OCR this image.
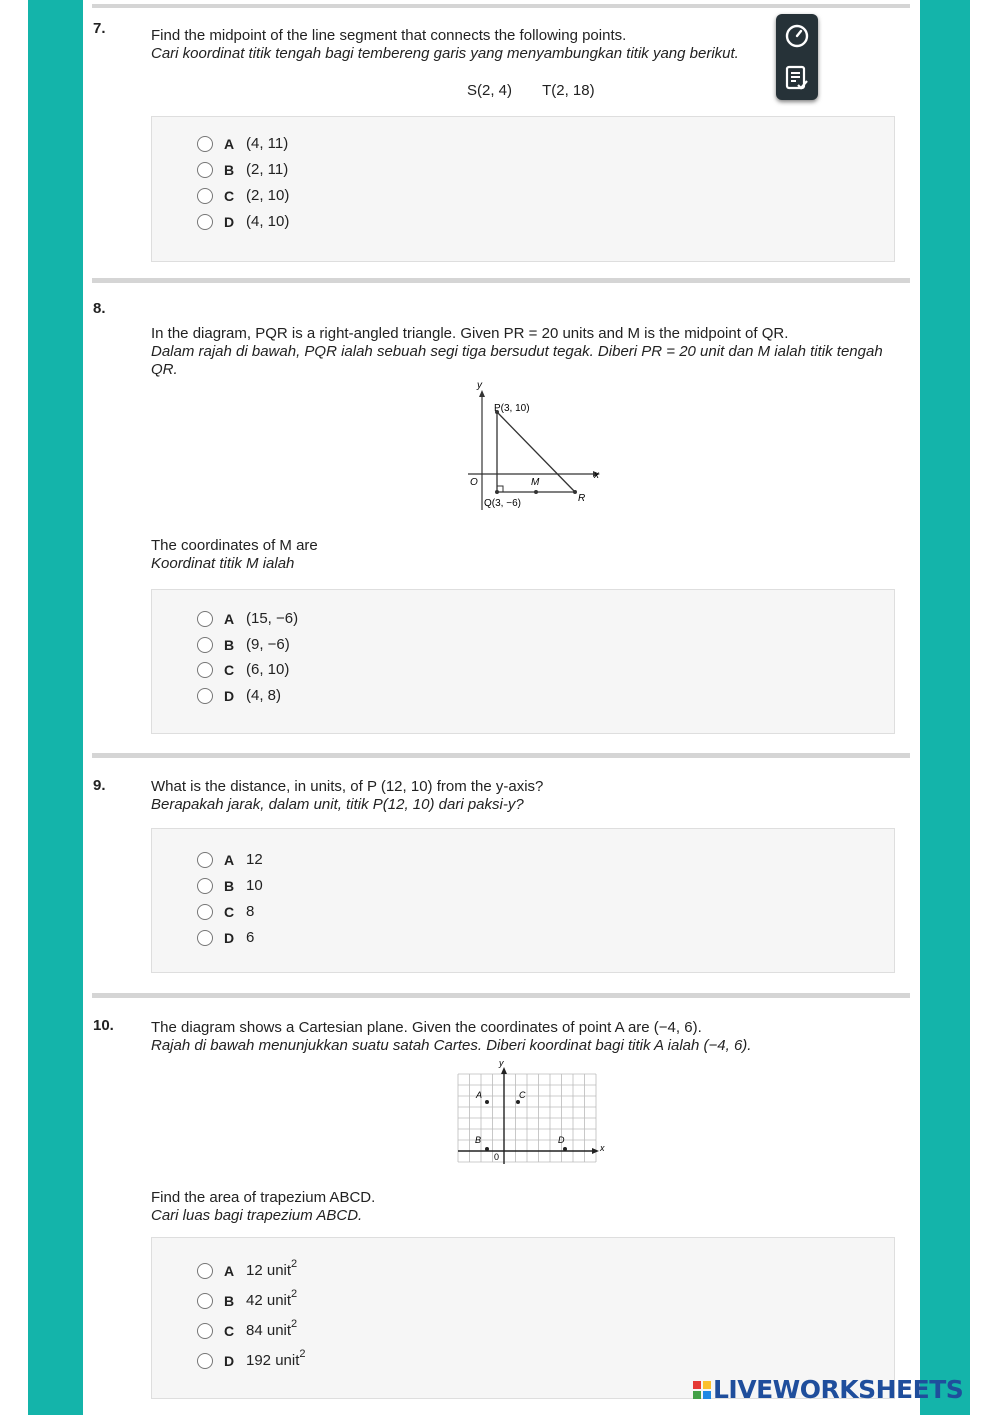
7.	Find the midpoint of the line segment that connects the following points.
Cari koordinat titik tengah bagi tembereng garis yang menyambungkan titik yang berikut.
S(2, 4) T(2, 18)
A (4, 11)
B (2, 11)
C (2, 10)
D (4, 10)
8.
In the diagram, PQR is a right-angled triangle. Given PR = 20 units and M is the midpoint of QR.
Dalam rajah di bawah, PQR ialah sebuah segi tiga bersudut tegak. Diberi PR = 20 unit dan M ialah titik tengah QR.
y
x
O
P(3, 10)
Q(3, −6)
M
R
The coordinates of M are
Koordinat titik M ialah
A (15, −6)
B (9, −6)
C (6, 10)
D (4, 8)
9.	What is the distance, in units, of P (12, 10) from the y-axis?
Berapakah jarak, dalam unit, titik P(12, 10) dari paksi-y?
A 12
B 10
C 8
D 6
10. The diagram shows a Cartesian plane. Given the coordinates of point A are (−4, 6).
Rajah di bawah menunjukkan suatu satah Cartes. Diberi koordinat bagi titik A ialah (−4, 6).
y
x
0
A	C
B	D
Find the area of trapezium ABCD.
Cari luas bagi trapezium ABCD.
A 12 unit$^2$
B 42 unit$^2$
C 84 unit$^2$
D 192 unit$^2$
LIVEWORKSHEETS
